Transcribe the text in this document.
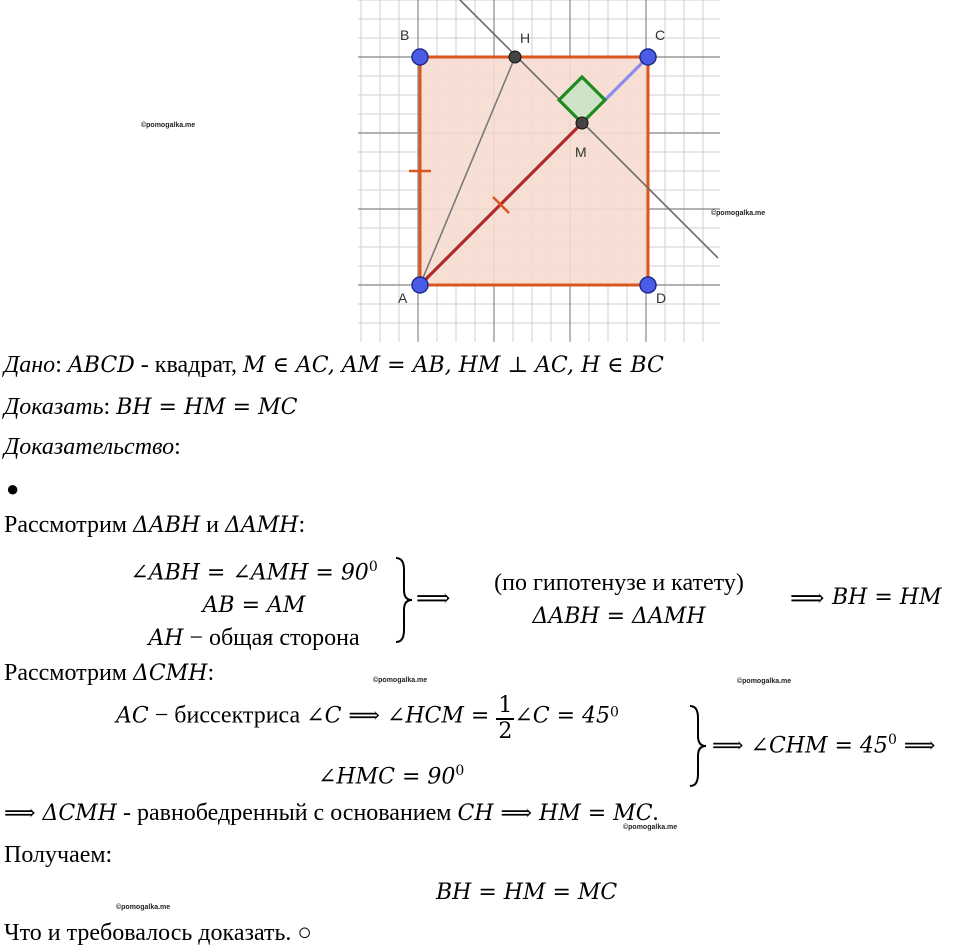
B	H	C
M
A	D
©pomogalka.me
©pomogalka.me
©pomogalka.me	©pomogalka.me
©pomogalka.me
©pomogalka.me
Дано: ABCD - квадрат, M ∈ AC, AM = AB, HM ⊥ AC, H ∈ BC
Доказать: BH = HM = MC
Доказательство:
●
Рассмотрим ΔABH и ΔAMH:
∠ABH = ∠AMH = $90^0$
AB = AM
AH − общая сторона
⟹
(по гипотенузе и катету)
ΔABH = ΔAMH
⟹ BH = HM
Рассмотрим ΔCMH:
AC − биссектриса ∠C ⟹ ∠HCM = $\frac{1}{2}$ ∠C = $45^0$
∠HMC = $90^0$
⟹ ∠CHM = $45^0$ ⟹
⟹ ΔCMH - равнобедренный с основанием CH ⟹ HM = MC.
Получаем:
BH = HM = MC
Что и требовалось доказать. ○
